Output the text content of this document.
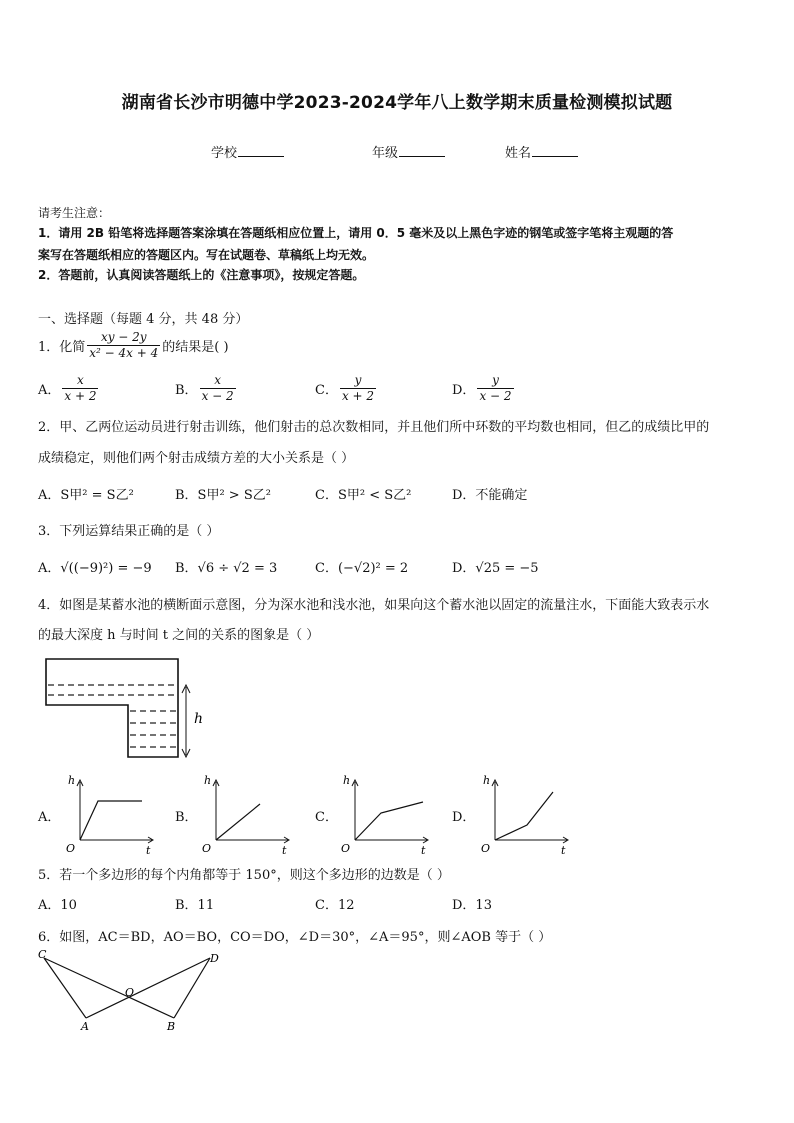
湖南省长沙市明德中学2023-2024学年八上数学期末质量检测模拟试题
学校	年级	姓名
请考生注意：
1．请用 2B 铅笔将选择题答案涂填在答题纸相应位置上，请用 0．5 毫米及以上黑色字迹的钢笔或签字笔将主观题的答
案写在答题纸相应的答题区内。写在试题卷、草稿纸上均无效。
2．答题前，认真阅读答题纸上的《注意事项》，按规定答题。
一、选择题（每题 4 分，共 48 分）
1．化简 $\frac{xy - 2y}{\text{x² − 4x + 4}}$ 的结果是( )
A． $\frac{x}{x + 2}$	B． $\frac{x}{x - 2}$	C． $\frac{y}{x + 2}$	D． $\frac{y}{x - 2}$
2．甲、乙两位运动员进行射击训练，他们射击的总次数相同，并且他们所中环数的平均数也相同，但乙的成绩比甲的
成绩稳定，则他们两个射击成绩方差的大小关系是（ ）
A．S甲² = S乙²	B．S甲² > S乙²	C．S甲² < S乙²	D．不能确定
3．下列运算结果正确的是（ ）
A．√((−9)²) = −9 B．√6 ÷ √2 = 3	C．(−√2)² = 2	D．√25 = −5
4．如图是某蓄水池的横断面示意图，分为深水池和浅水池，如果向这个蓄水池以固定的流量注水，下面能大致表示水
的最大深度 h 与时间 t 之间的关系的图象是（ ）
h
A．
h
t
O
B．
h
t
O
C．
h
t
O
D．
h
t
O
5．若一个多边形的每个内角都等于 150°，则这个多边形的边数是（ ）
A．10	B．11	C．12	D．13
6．如图，AC＝BD，AO＝BO，CO＝DO，∠D＝30°，∠A＝95°，则∠AOB 等于（ ）
C	D
O
A	B
